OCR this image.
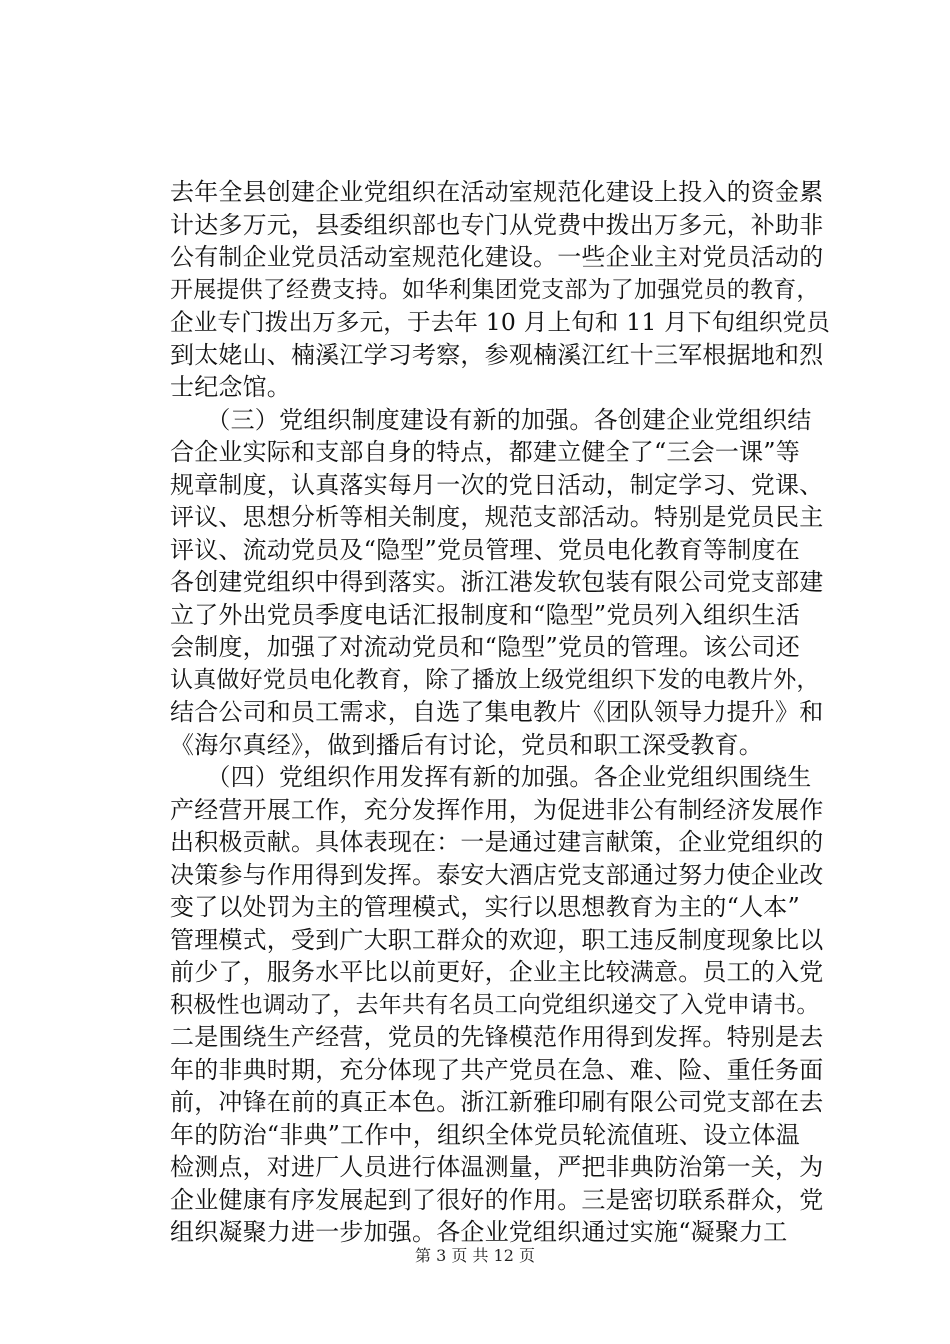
去年全县创建企业党组织在活动室规范化建设上投入的资金累
计达多万元，县委组织部也专门从党费中拨出万多元，补助非
公有制企业党员活动室规范化建设。一些企业主对党员活动的
开展提供了经费支持。如华利集团党支部为了加强党员的教育，
企业专门拨出万多元，于去年 10 月上旬和 11 月下旬组织党员
到太姥山、楠溪江学习考察，参观楠溪江红十三军根据地和烈
士纪念馆。
　　（三）党组织制度建设有新的加强。各创建企业党组织结
合企业实际和支部自身的特点，都建立健全了“三会一课”等
规章制度，认真落实每月一次的党日活动，制定学习、党课、
评议、思想分析等相关制度，规范支部活动。特别是党员民主
评议、流动党员及“隐型”党员管理、党员电化教育等制度在
各创建党组织中得到落实。浙江港发软包装有限公司党支部建
立了外出党员季度电话汇报制度和“隐型”党员列入组织生活
会制度，加强了对流动党员和“隐型”党员的管理。该公司还
认真做好党员电化教育，除了播放上级党组织下发的电教片外，
结合公司和员工需求，自选了集电教片《团队领导力提升》和
《海尔真经》，做到播后有讨论，党员和职工深受教育。
　　（四）党组织作用发挥有新的加强。各企业党组织围绕生
产经营开展工作，充分发挥作用，为促进非公有制经济发展作
出积极贡献。具体表现在：一是通过建言献策，企业党组织的
决策参与作用得到发挥。泰安大酒店党支部通过努力使企业改
变了以处罚为主的管理模式，实行以思想教育为主的“人本”
管理模式，受到广大职工群众的欢迎，职工违反制度现象比以
前少了，服务水平比以前更好，企业主比较满意。员工的入党
积极性也调动了，去年共有名员工向党组织递交了入党申请书。
二是围绕生产经营，党员的先锋模范作用得到发挥。特别是去
年的非典时期，充分体现了共产党员在急、难、险、重任务面
前，冲锋在前的真正本色。浙江新雅印刷有限公司党支部在去
年的防治“非典”工作中，组织全体党员轮流值班、设立体温
检测点，对进厂人员进行体温测量，严把非典防治第一关，为
企业健康有序发展起到了很好的作用。三是密切联系群众，党
组织凝聚力进一步加强。各企业党组织通过实施“凝聚力工
第 3 页 共 12 页
